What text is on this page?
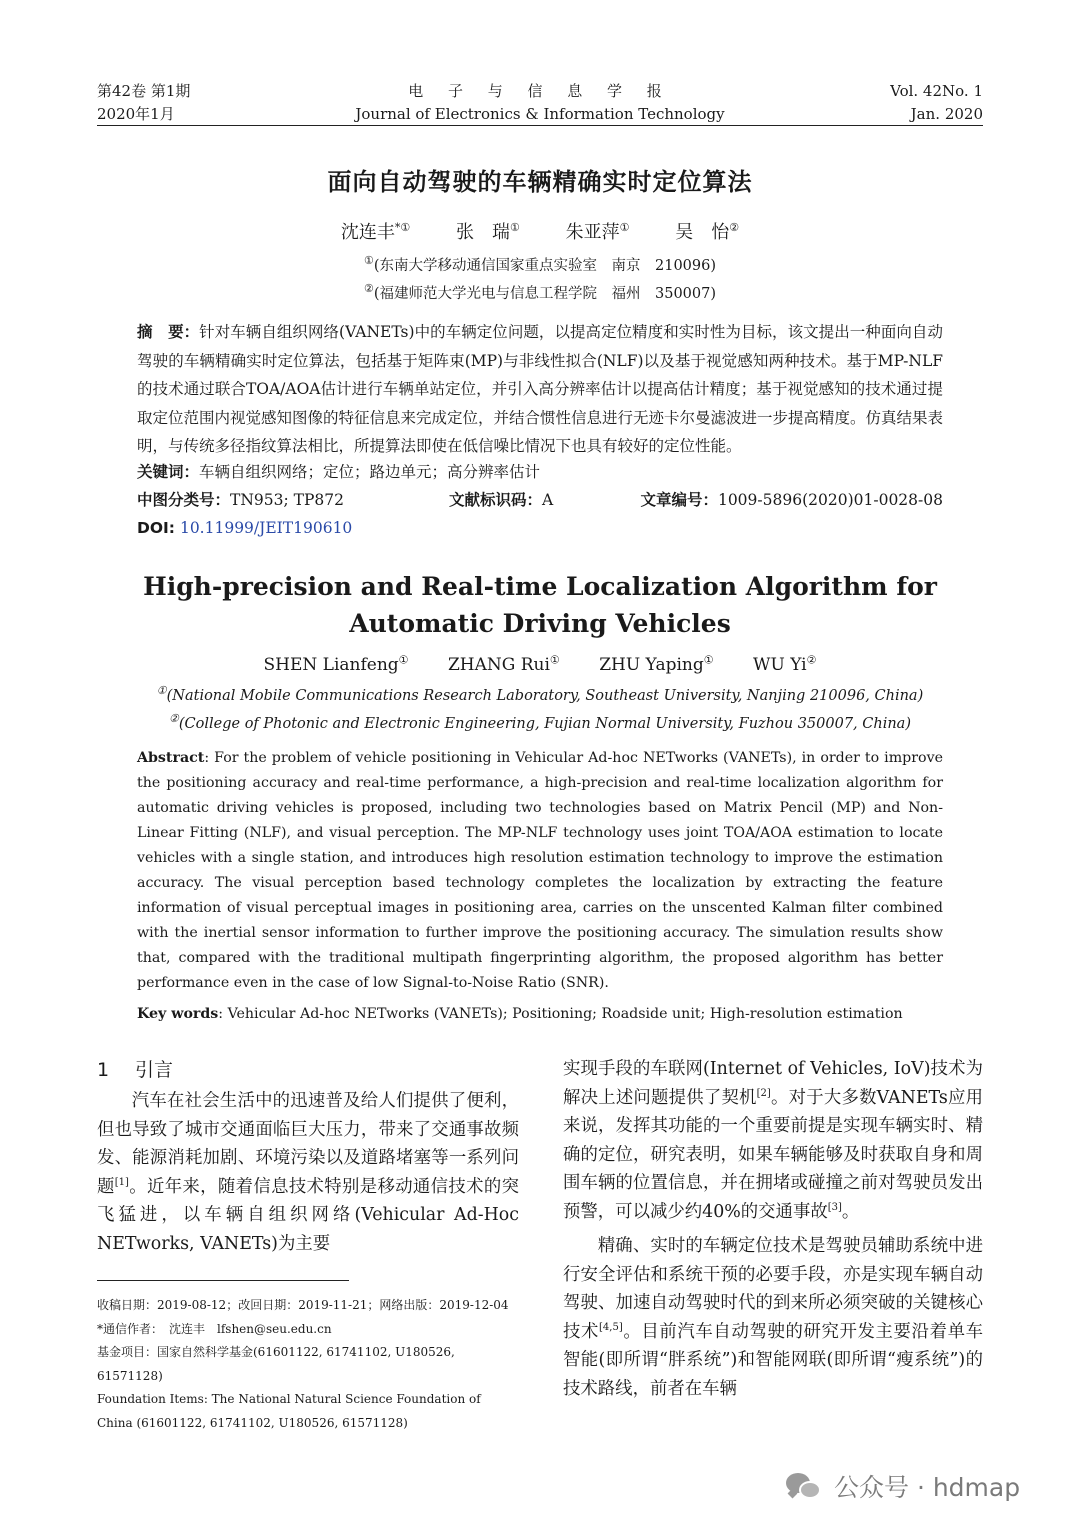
第42卷 第1期
2020年1月
电 子 与 信 息 学 报
Journal of Electronics & Information Technology
Vol. 42No. 1
Jan. 2020
面向自动驾驶的车辆精确实时定位算法
沈连丰*①	张　瑞①	朱亚萍①	吴　怡②
①(东南大学移动通信国家重点实验室　南京　210096)
②(福建师范大学光电与信息工程学院　福州　350007)
摘　要：针对车辆自组织网络(VANETs)中的车辆定位问题，以提高定位精度和实时性为目标，该文提出一种面向自动驾驶的车辆精确实时定位算法，包括基于矩阵束(MP)与非线性拟合(NLF)以及基于视觉感知两种技术。基于MP-NLF的技术通过联合TOA/AOA估计进行车辆单站定位，并引入高分辨率估计以提高估计精度；基于视觉感知的技术通过提取定位范围内视觉感知图像的特征信息来完成定位，并结合惯性信息进行无迹卡尔曼滤波进一步提高精度。仿真结果表明，与传统多径指纹算法相比，所提算法即使在低信噪比情况下也具有较好的定位性能。
关键词：车辆自组织网络；定位；路边单元；高分辨率估计
中图分类号：TN953; TP872	文献标识码：A	文章编号：1009-5896(2020)01-0028-08
DOI: 10.11999/JEIT190610
High-precision and Real-time Localization Algorithm for
Automatic Driving Vehicles
SHEN Lianfeng① ZHANG Rui① ZHU Yaping① WU Yi②
①(National Mobile Communications Research Laboratory, Southeast University, Nanjing 210096, China)
②(College of Photonic and Electronic Engineering, Fujian Normal University, Fuzhou 350007, China)
Abstract: For the problem of vehicle positioning in Vehicular Ad-hoc NETworks (VANETs), in order to improve the positioning accuracy and real-time performance, a high-precision and real-time localization algorithm for automatic driving vehicles is proposed, including two technologies based on Matrix Pencil (MP) and Non-Linear Fitting (NLF), and visual perception. The MP-NLF technology uses joint TOA/AOA estimation to locate vehicles with a single station, and introduces high resolution estimation technology to improve the estimation accuracy. The visual perception based technology completes the localization by extracting the feature information of visual perceptual images in positioning area, carries on the unscented Kalman filter combined with the inertial sensor information to further improve the positioning accuracy. The simulation results show that, compared with the traditional multipath fingerprinting algorithm, the proposed algorithm has better performance even in the case of low Signal-to-Noise Ratio (SNR).
Key words: Vehicular Ad-hoc NETworks (VANETs); Positioning; Roadside unit; High-resolution estimation
1 引言

汽车在社会生活中的迅速普及给人们提供了便利，但也导致了城市交通面临巨大压力，带来了交通事故频发、能源消耗加剧、环境污染以及道路堵塞等一系列问题[1]。近年来，随着信息技术特别是移动通信技术的突飞猛进，以车辆自组织网络(Vehicular Ad-Hoc NETworks, VANETs)为主要

收稿日期：2019-08-12；改回日期：2019-11-21；网络出版：2019-12-04
*通信作者：　沈连丰　lfshen@seu.edu.cn
基金项目：国家自然科学基金(61601122, 61741102, U180526, 61571128)
Foundation Items: The National Natural Science Foundation of China (61601122, 61741102, U180526, 61571128)

实现手段的车联网(Internet of Vehicles, IoV)技术为解决上述问题提供了契机[2]。对于大多数VANETs应用来说，发挥其功能的一个重要前提是实现车辆实时、精确的定位，研究表明，如果车辆能够及时获取自身和周围车辆的位置信息，并在拥堵或碰撞之前对驾驶员发出预警，可以减少约40%的交通事故[3]。

精确、实时的车辆定位技术是驾驶员辅助系统中进行安全评估和系统干预的必要手段，亦是实现车辆自动驾驶、加速自动驾驶时代的到来所必须突破的关键核心技术[4,5]。目前汽车自动驾驶的研究开发主要沿着单车智能(即所谓“胖系统”)和智能网联(即所谓“瘦系统”)的技术路线，前者在车辆

公众号 · hdmap
